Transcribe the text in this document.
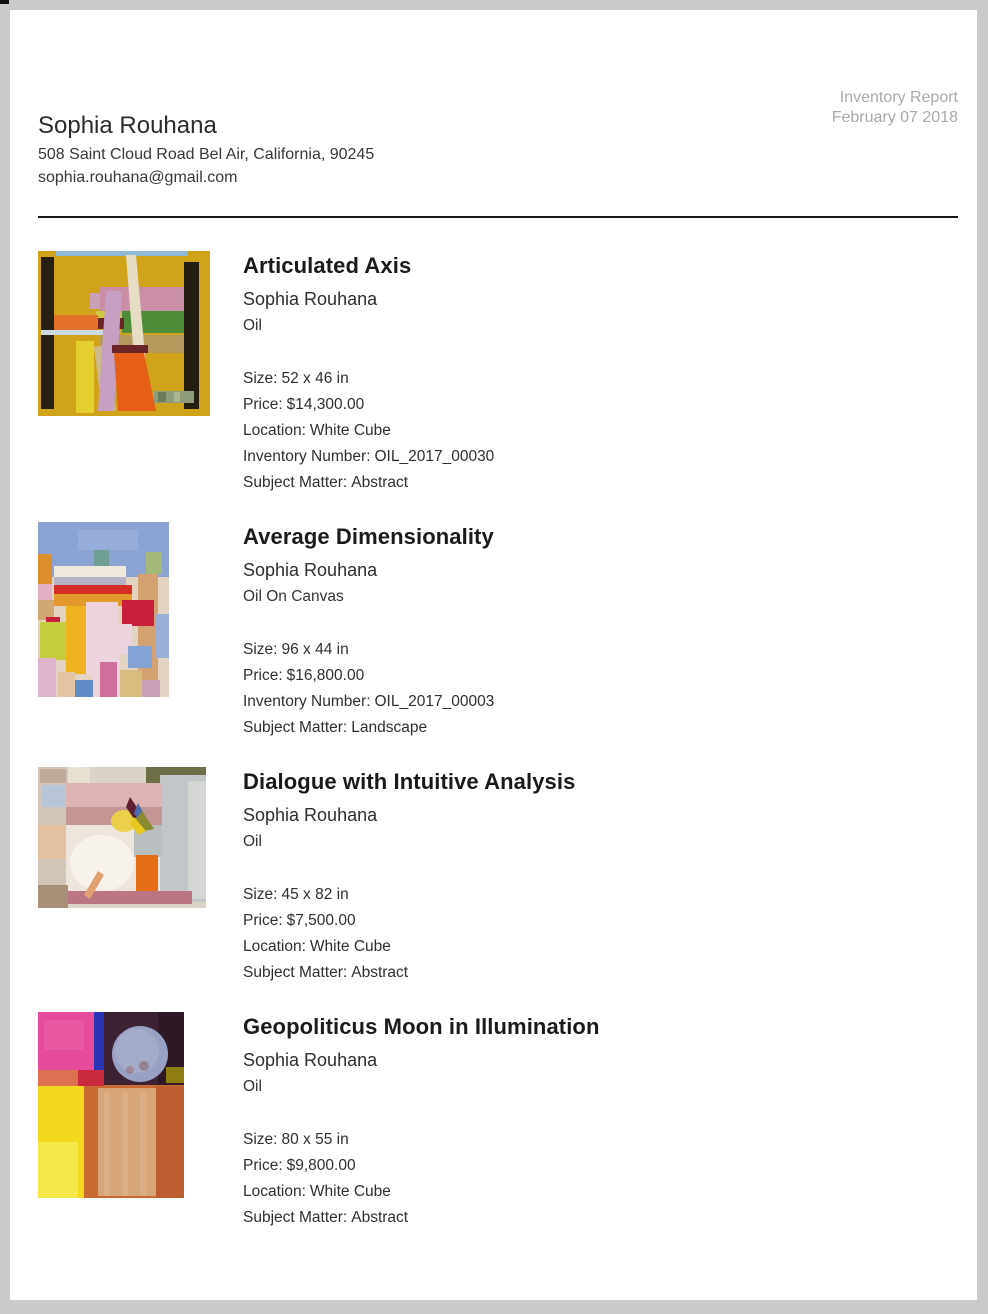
Inventory Report
February 07 2018
Sophia Rouhana
508 Saint Cloud Road Bel Air, California, 90245
sophia.rouhana@gmail.com
Articulated Axis
Sophia Rouhana
Oil
Size: 52 x 46 in
Price: $14,300.00
Location: White Cube
Inventory Number: OIL_2017_00030
Subject Matter: Abstract
Average Dimensionality
Sophia Rouhana
Oil On Canvas
Size: 96 x 44 in
Price: $16,800.00
Inventory Number: OIL_2017_00003
Subject Matter: Landscape
Dialogue with Intuitive Analysis
Sophia Rouhana
Oil
Size: 45 x 82 in
Price: $7,500.00
Location: White Cube
Subject Matter: Abstract
Geopoliticus Moon in Illumination
Sophia Rouhana
Oil
Size: 80 x 55 in
Price: $9,800.00
Location: White Cube
Subject Matter: Abstract
